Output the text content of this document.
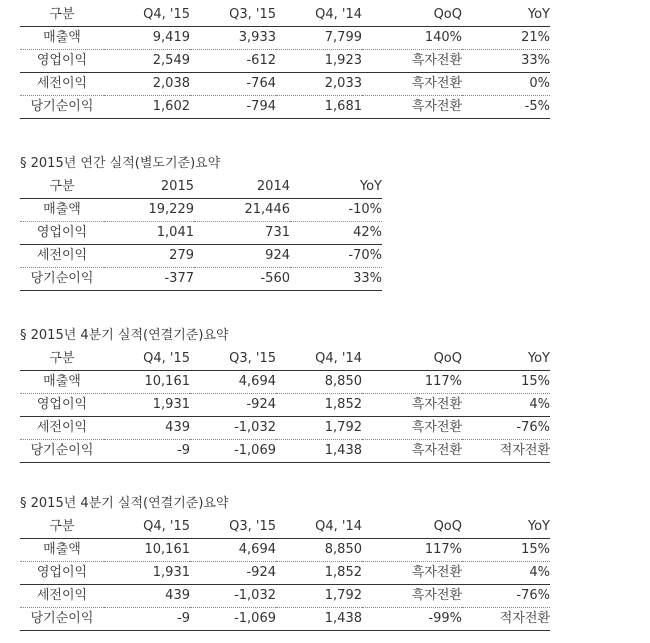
구분	Q4, '15	Q3, '15	Q4, '14	QoQ	YoY
매출액	9,419	3,933	7,799	140%	21%
영업이익	2,549	-612	1,923	흑자전환	33%
세전이익	2,038	-764	2,033	흑자전환	0%
당기순이익	1,602	-794	1,681	흑자전환	-5%
§ 2015년 연간 실적(별도기준)요약
구분	2015	2014	YoY
매출액	19,229	21,446	-10%
영업이익	1,041	731	42%
세전이익	279	924	-70%
당기순이익	-377	-560	33%
§ 2015년 4분기 실적(연결기준)요약
구분	Q4, '15	Q3, '15	Q4, '14	QoQ	YoY
매출액	10,161	4,694	8,850	117%	15%
영업이익	1,931	-924	1,852	흑자전환	4%
세전이익	439	-1,032	1,792	흑자전환	-76%
당기순이익	-9	-1,069	1,438	흑자전환	적자전환
§ 2015년 4분기 실적(연결기준)요약
구분	Q4, '15	Q3, '15	Q4, '14	QoQ	YoY
매출액	10,161	4,694	8,850	117%	15%
영업이익	1,931	-924	1,852	흑자전환	4%
세전이익	439	-1,032	1,792	흑자전환	-76%
당기순이익	-9	-1,069	1,438	-99%	적자전환
